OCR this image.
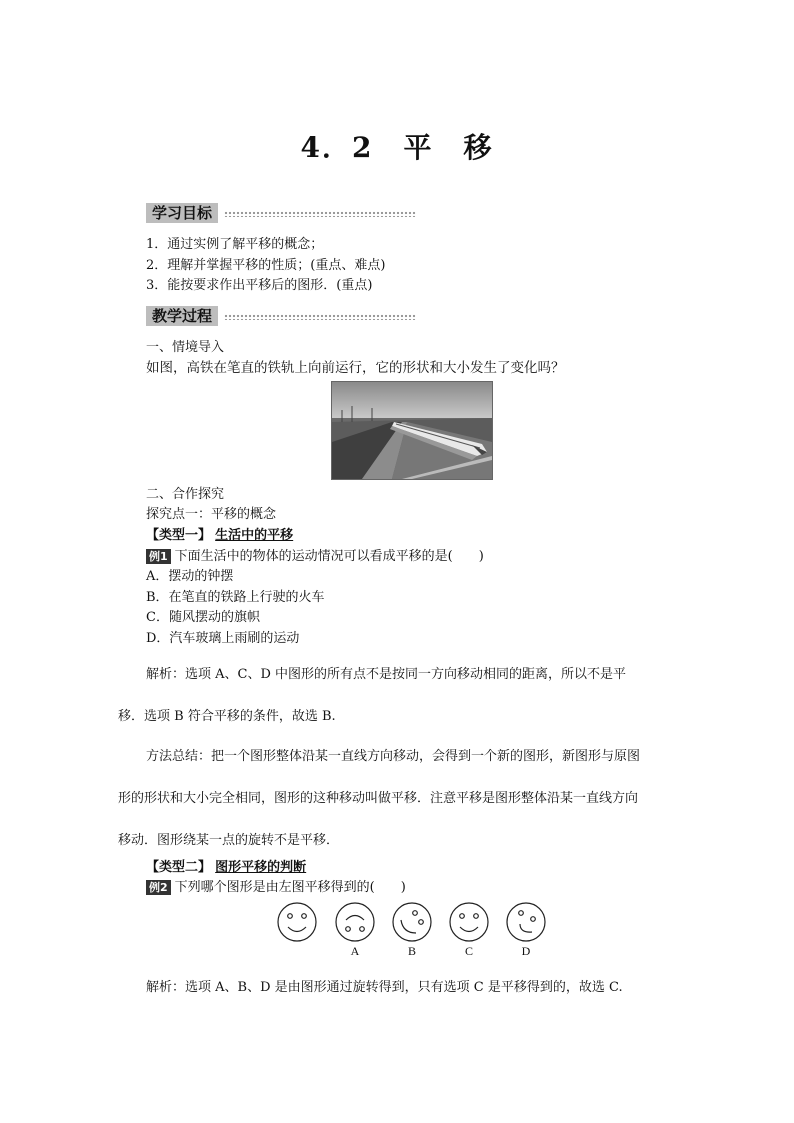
4．2　平　移
学习目标
1．通过实例了解平移的概念；
2．理解并掌握平移的性质；(重点、难点)
3．能按要求作出平移后的图形．(重点)
教学过程
一、情境导入
如图，高铁在笔直的铁轨上向前运行，它的形状和大小发生了变化吗？
二、合作探究
探究点一：平移的概念
【类型一】 生活中的平移
例1 下面生活中的物体的运动情况可以看成平移的是(　　)
A．摆动的钟摆
B．在笔直的铁路上行驶的火车
C．随风摆动的旗帜
D．汽车玻璃上雨刷的运动
解析：选项 A、C、D 中图形的所有点不是按同一方向移动相同的距离，所以不是平
移．选项 B 符合平移的条件，故选 B.
方法总结：把一个图形整体沿某一直线方向移动，会得到一个新的图形，新图形与原图
形的形状和大小完全相同，图形的这种移动叫做平移．注意平移是图形整体沿某一直线方向
移动．图形绕某一点的旋转不是平移．
【类型二】 图形平移的判断
例2 下列哪个图形是由左图平移得到的(　　)
A	B	C	D
解析：选项 A、B、D 是由图形通过旋转得到，只有选项 C 是平移得到的，故选 C.
